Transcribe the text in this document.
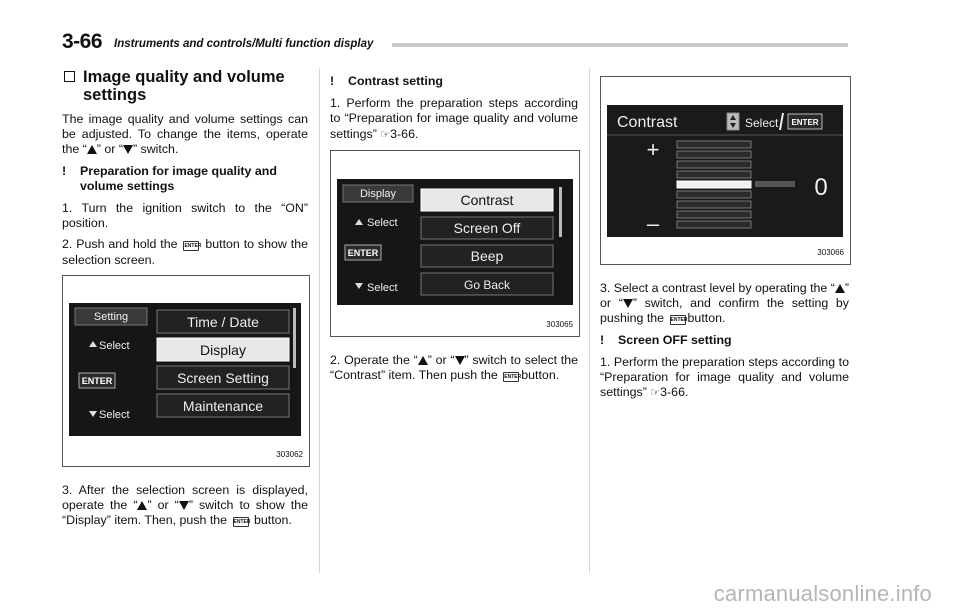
3-66 Instruments and controls/Multi function display
Image quality and volume settings

The image quality and volume settings can be adjusted. To change the items, operate the “ ” or “ ” switch.

!	Preparation for image quality and volume settings

1. Turn the ignition switch to the “ON” position.

2. Push and hold the ENTER button to show the selection screen.

Setting
Select
ENTER
Select
Time / Date
Display
Screen Setting
Maintenance
303062

3. After the selection screen is displayed, operate the “ ” or “ ” switch to show the “Display” item. Then, push the ENTER button.

!	Contrast setting

1. Perform the preparation steps according to “Preparation for image quality and volume settings” ☞3-66.

Display
Select
ENTER
Select
Contrast
Screen Off
Beep
Go Back
303065

2. Operate the “ ” or “ ” switch to select the “Contrast” item. Then push the ENTERbutton.

Contrast	Select ENTER
+
–
0
303066

3. Select a contrast level by operating the “ ” or “ ” switch, and confirm the setting by pushing the ENTERbutton.

!	Screen OFF setting

1. Perform the preparation steps according to “Preparation for image quality and volume settings” ☞3-66.

carmanualsonline.info
